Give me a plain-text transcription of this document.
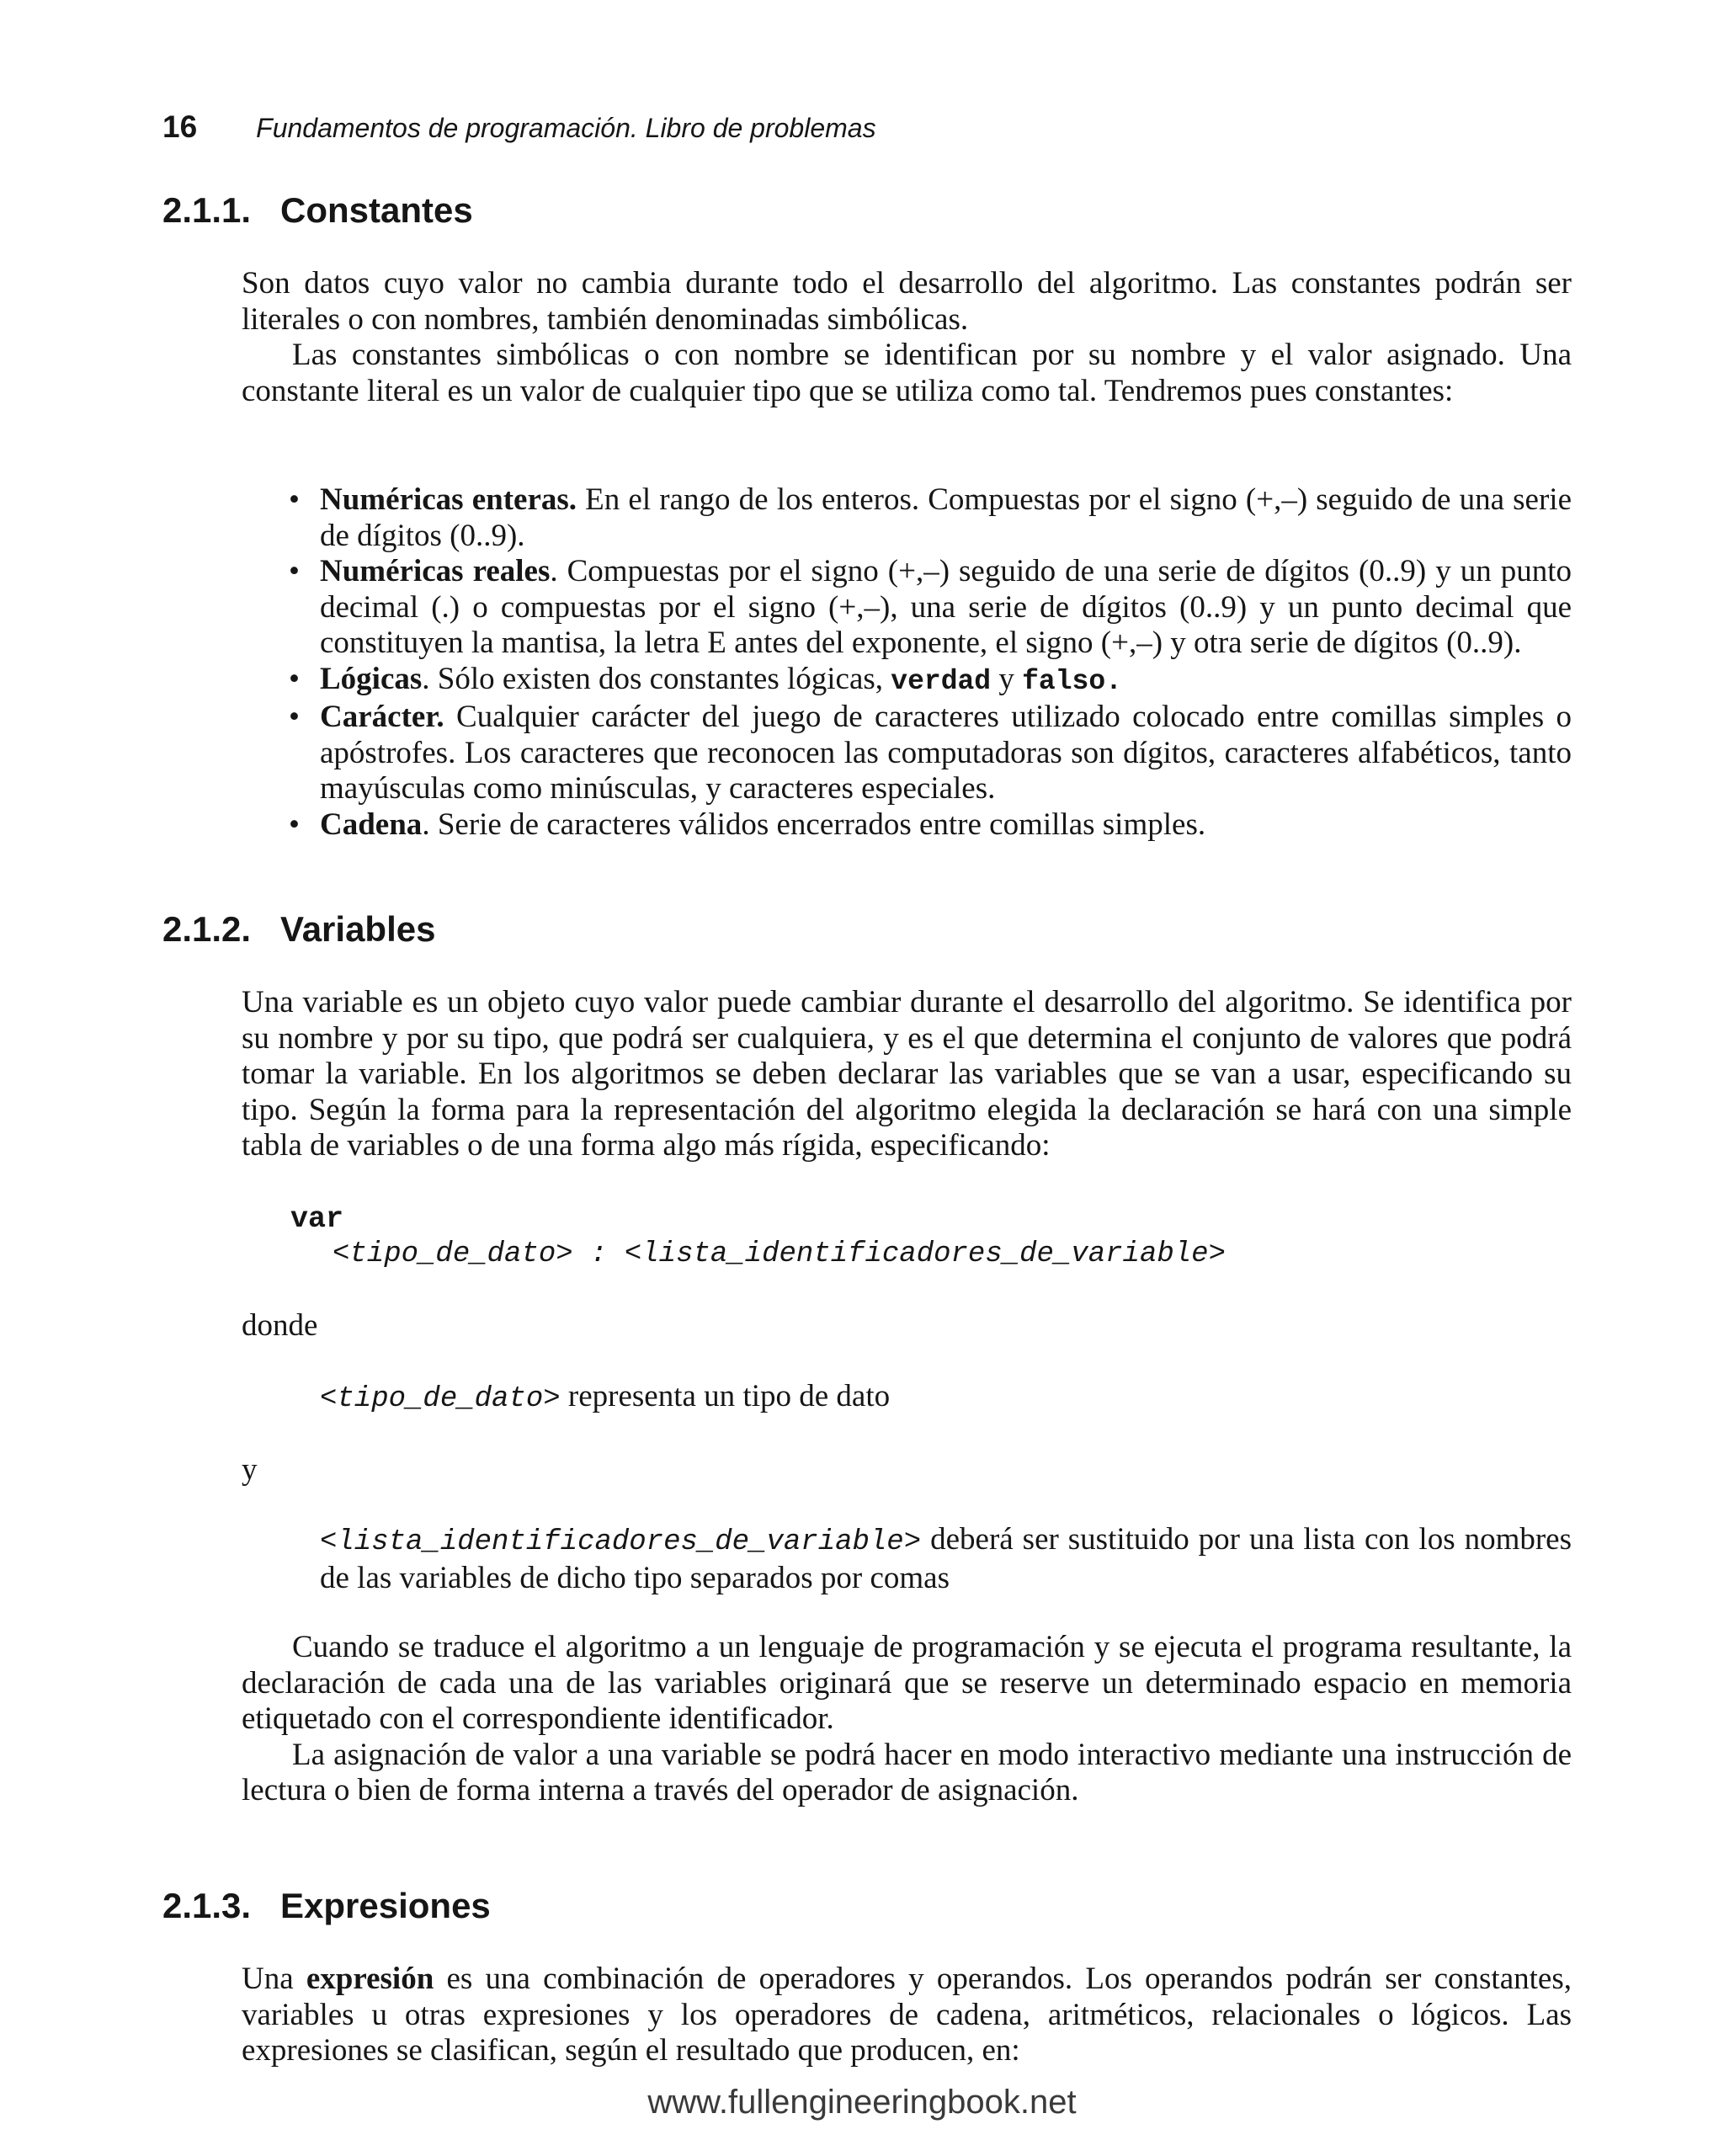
16 Fundamentos de programación. Libro de problemas
2.1.1. Constantes

Son datos cuyo valor no cambia durante todo el desarrollo del algoritmo. Las constantes podrán ser literales o con nombres, también denominadas simbólicas.

Las constantes simbólicas o con nombre se identifican por su nombre y el valor asignado. Una constante literal es un valor de cualquier tipo que se utiliza como tal. Tendremos pues constantes:

• Numéricas enteras. En el rango de los enteros. Compuestas por el signo (+,–) seguido de una serie de dígitos (0..9).
• Numéricas reales. Compuestas por el signo (+,–) seguido de una serie de dígitos (0..9) y un punto decimal (.) o compuestas por el signo (+,–), una serie de dígitos (0..9) y un punto decimal que constituyen la mantisa, la letra E antes del exponente, el signo (+,–) y otra serie de dígitos (0..9).
• Lógicas. Sólo existen dos constantes lógicas, verdad y falso.
• Carácter. Cualquier carácter del juego de caracteres utilizado colocado entre comillas simples o apóstrofes. Los caracteres que reconocen las computadoras son dígitos, caracteres alfabéticos, tanto mayúsculas como minúsculas, y caracteres especiales.
• Cadena. Serie de caracteres válidos encerrados entre comillas simples.
2.1.2. Variables

Una variable es un objeto cuyo valor puede cambiar durante el desarrollo del algoritmo. Se identifica por su nombre y por su tipo, que podrá ser cualquiera, y es el que determina el conjunto de valores que podrá tomar la variable. En los algoritmos se deben declarar las variables que se van a usar, especificando su tipo. Según la forma para la representación del algoritmo elegida la declaración se hará con una simple tabla de variables o de una forma algo más rígida, especificando:

var
<tipo_de_dato> : <lista_identificadores_de_variable>
donde
<tipo_de_dato> representa un tipo de dato
y
<lista_identificadores_de_variable> deberá ser sustituido por una lista con los nombres de las variables de dicho tipo separados por comas

Cuando se traduce el algoritmo a un lenguaje de programación y se ejecuta el programa resultante, la declaración de cada una de las variables originará que se reserve un determinado espacio en memoria etiquetado con el correspondiente identificador.

La asignación de valor a una variable se podrá hacer en modo interactivo mediante una instrucción de lectura o bien de forma interna a través del operador de asignación.

2.1.3. Expresiones

Una expresión es una combinación de operadores y operandos. Los operandos podrán ser constantes, variables u otras expresiones y los operadores de cadena, aritméticos, relacionales o lógicos. Las expresiones se clasifican, según el resultado que producen, en:

www.fullengineeringbook.net
